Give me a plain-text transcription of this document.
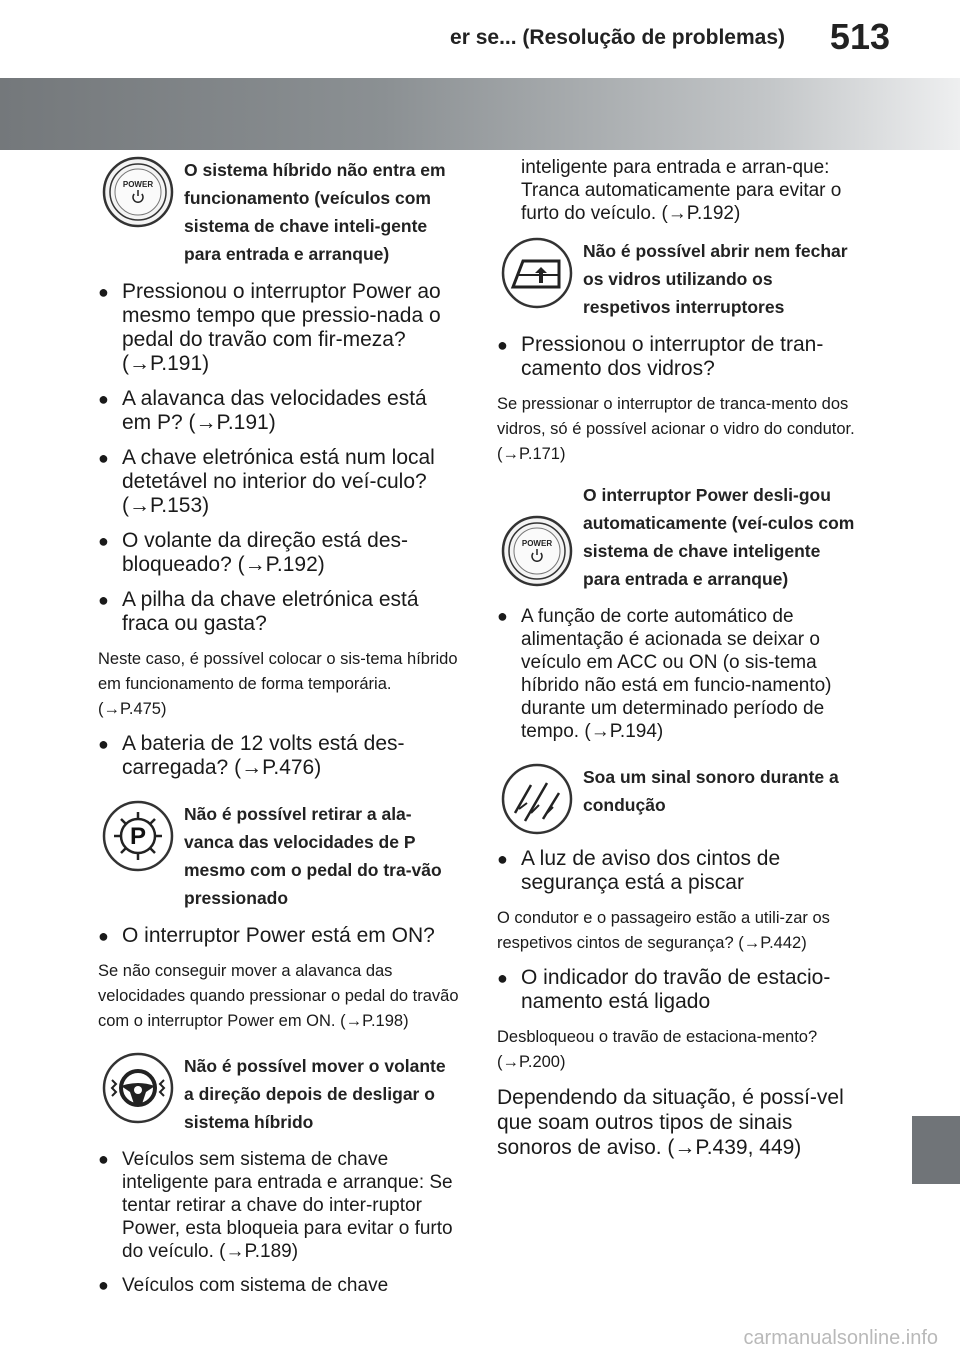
er se... (Resolução de problemas) 513
POWER
O sistema híbrido não entra em funcionamento (veículos com sistema de chave inteli-gente para entrada e arranque)
● Pressionou o interruptor Power ao mesmo tempo que pressio-nada o pedal do travão com fir-meza? (→P.191)
● A alavanca das velocidades está em P? (→P.191)
● A chave eletrónica está num local detetável no interior do veí-culo? (→P.153)
● O volante da direção está des-bloqueado? (→P.192)
● A pilha da chave eletrónica está fraca ou gasta?
Neste caso, é possível colocar o sis-tema híbrido em funcionamento de forma temporária. (→P.475)
● A bateria de 12 volts está des-carregada? (→P.476)
P
Não é possível retirar a ala-vanca das velocidades de P mesmo com o pedal do tra-vão pressionado
● O interruptor Power está em ON?
Se não conseguir mover a alavanca das velocidades quando pressionar o pedal do travão com o interruptor Power em ON. (→P.198)
Não é possível mover o volante a direção depois de desligar o sistema híbrido
● Veículos sem sistema de chave inteligente para entrada e arranque: Se tentar retirar a chave do inter-ruptor Power, esta bloqueia para evitar o furto do veículo. (→P.189)
● Veículos com sistema de chave
inteligente para entrada e arran-que: Tranca automaticamente para evitar o furto do veículo. (→P.192)
Não é possível abrir nem fechar os vidros utilizando os respetivos interruptores
● Pressionou o interruptor de tran-camento dos vidros?
Se pressionar o interruptor de tranca-mento dos vidros, só é possível acionar o vidro do condutor. (→P.171)
POWER
O interruptor Power desli-gou automaticamente (veí-culos com sistema de chave inteligente para entrada e arranque)
● A função de corte automático de alimentação é acionada se deixar o veículo em ACC ou ON (o sis-tema híbrido não está em funcio-namento) durante um determinado período de tempo. (→P.194)
Soa um sinal sonoro durante a condução
● A luz de aviso dos cintos de segurança está a piscar
O condutor e o passageiro estão a utili-zar os respetivos cintos de segurança? (→P.442)
● O indicador do travão de estacio-namento está ligado
Desbloqueou o travão de estaciona-mento? (→P.200)
Dependendo da situação, é possí-vel que soam outros tipos de sinais sonoros de aviso. (→P.439, 449)
carmanualsonline.info
